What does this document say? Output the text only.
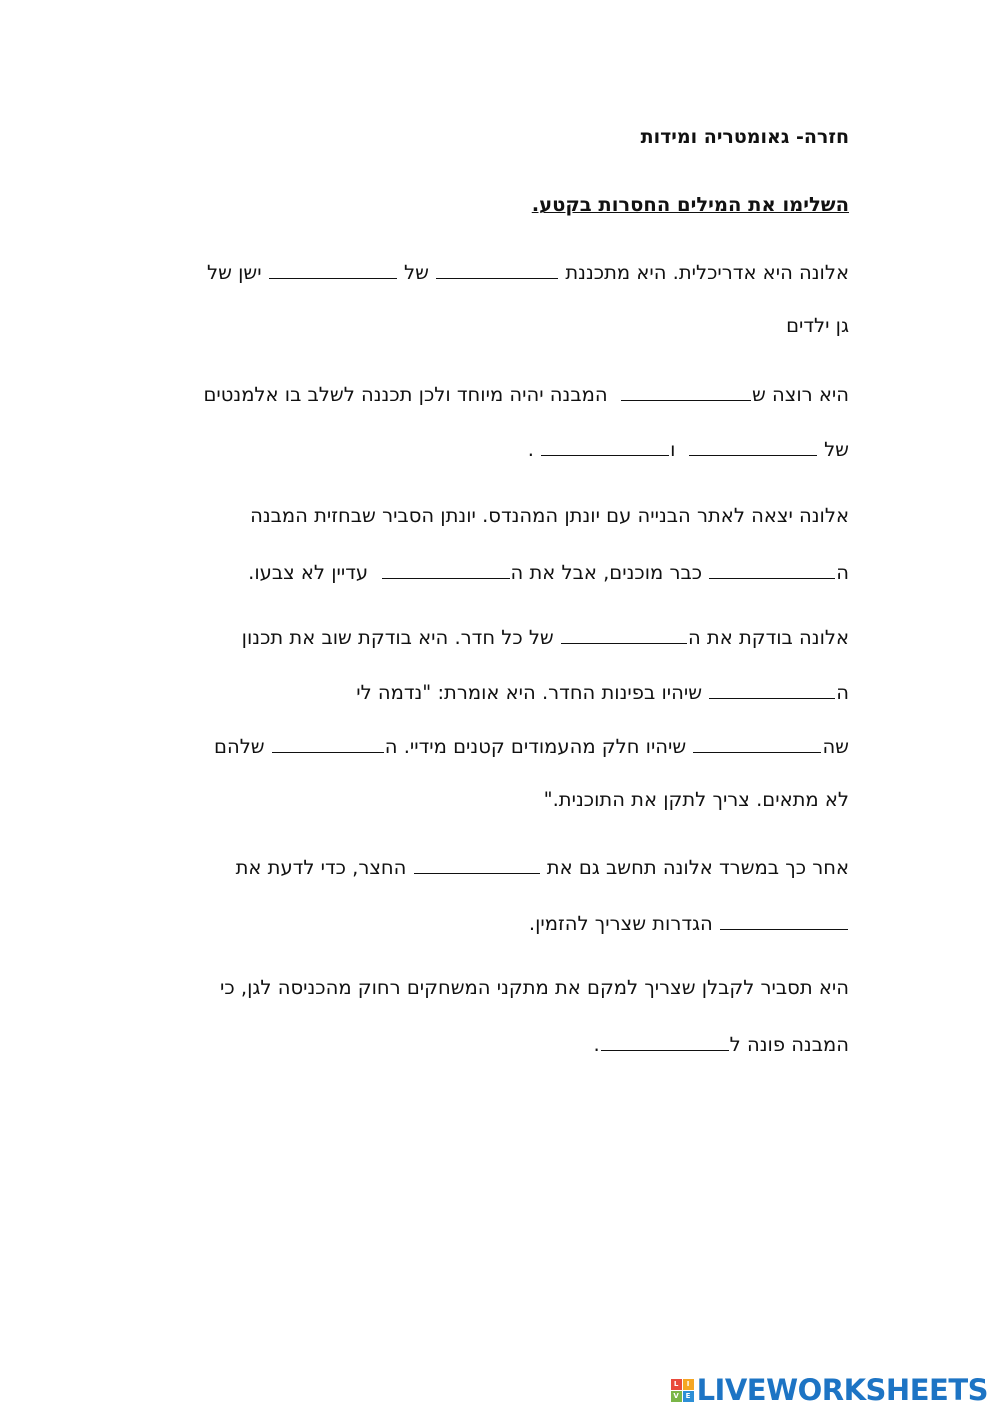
חזרה- גאומטריה ומידות
השלימו את המילים החסרות בקטע.
אלונה היא אדריכלית. היא מתכננת  של  ישן של
גן ילדים
היא רוצה ש  המבנה יהיה מיוחד ולכן תכננה לשלב בו אלמנטים
של   ו .
אלונה יצאה לאתר הבנייה עם יונתן המהנדס. יונתן הסביר שבחזית המבנה
ה כבר מוכנים, אבל את ה  עדיין לא צבעו.
אלונה בודקת את ה של כל חדר. היא בודקת שוב את תכנון
ה שיהיו בפינות החדר. היא אומרת: "נדמה לי
שה שיהיו חלק מהעמודים קטנים מידיי. ה שלהם
לא מתאים. צריך לתקן את התוכנית."
אחר כך במשרד אלונה תחשב גם את  החצר, כדי לדעת את
הגדרות שצריך להזמין.
היא תסביר לקבלן שצריך למקם את מתקני המשחקים רחוק מהכניסה לגן, כי
המבנה פונה ל.
L	I
V E LIVEWORKSHEETS
